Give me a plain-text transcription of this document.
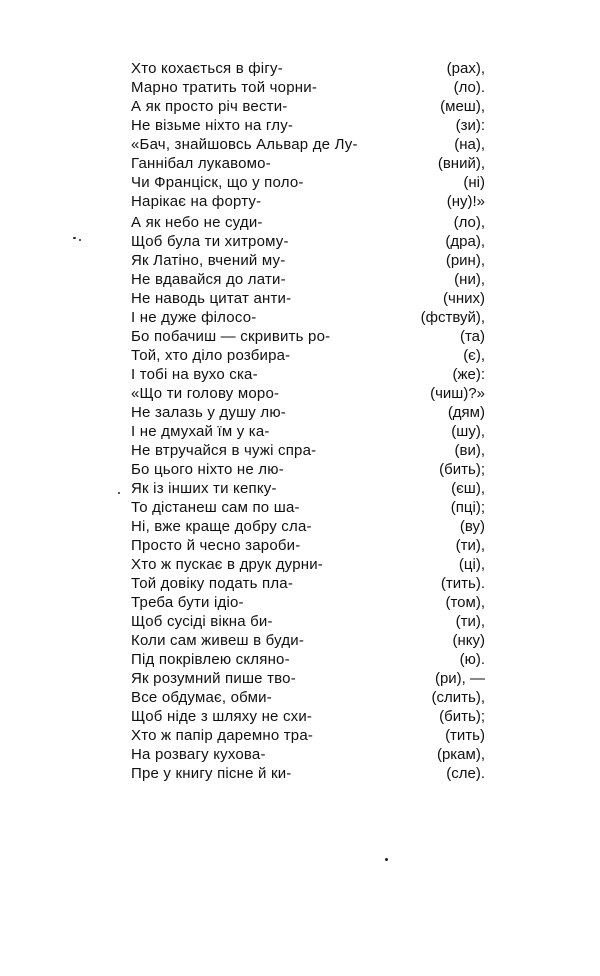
Хто кохається в фігу-	(рах),
Марно тратить той чорни-	(ло).
А як просто річ вести-	(меш),
Не візьме ніхто на глу-	(зи):
«Бач, знайшовсь Альвар де Лу-	(на),
Ганнібал лукавомо-	(вний),
Чи Франціск, що у поло-	(ні)
Нарікає на форту-	(ну)!»
А як небо не суди-	(ло),
Щоб була ти хитрому-	(дра),
Як Латіно, вчений му-	(рин),
Не вдавайся до лати-	(ни),
Не наводь цитат анти-	(чних)
І не дуже філосо-	(фствуй),
Бо побачиш — скривить ро-	(та)
Той, хто діло розбира-	(є),
І тобі на вухо ска-	(же):
«Що ти голову моро-	(чиш)?»
Не залазь у душу лю-	(дям)
І не дмухай їм у ка-	(шу),
Не втручайся в чужі спра-	(ви),
Бо цього ніхто не лю-	(бить);
Як із інших ти кепку-	(єш),
То дістанеш сам по ша-	(пці);
Ні, вже краще добру сла-	(ву)
Просто й чесно зароби-	(ти),
Хто ж пускає в друк дурни-	(ці),
Той довіку подать пла-	(тить).
Треба бути ідіо-	(том),
Щоб сусіді вікна би-	(ти),
Коли сам живеш в буди-	(нку)
Під покрівлею скляно-	(ю).
Як розумний пише тво-	(ри), —
Все обдумає, обми-	(слить),
Щоб ніде з шляху не схи-	(бить);
Хто ж папір даремно тра-	(тить)
На розвагу кухова-	(ркам),
Пре у книгу пісне й ки-	(сле).
